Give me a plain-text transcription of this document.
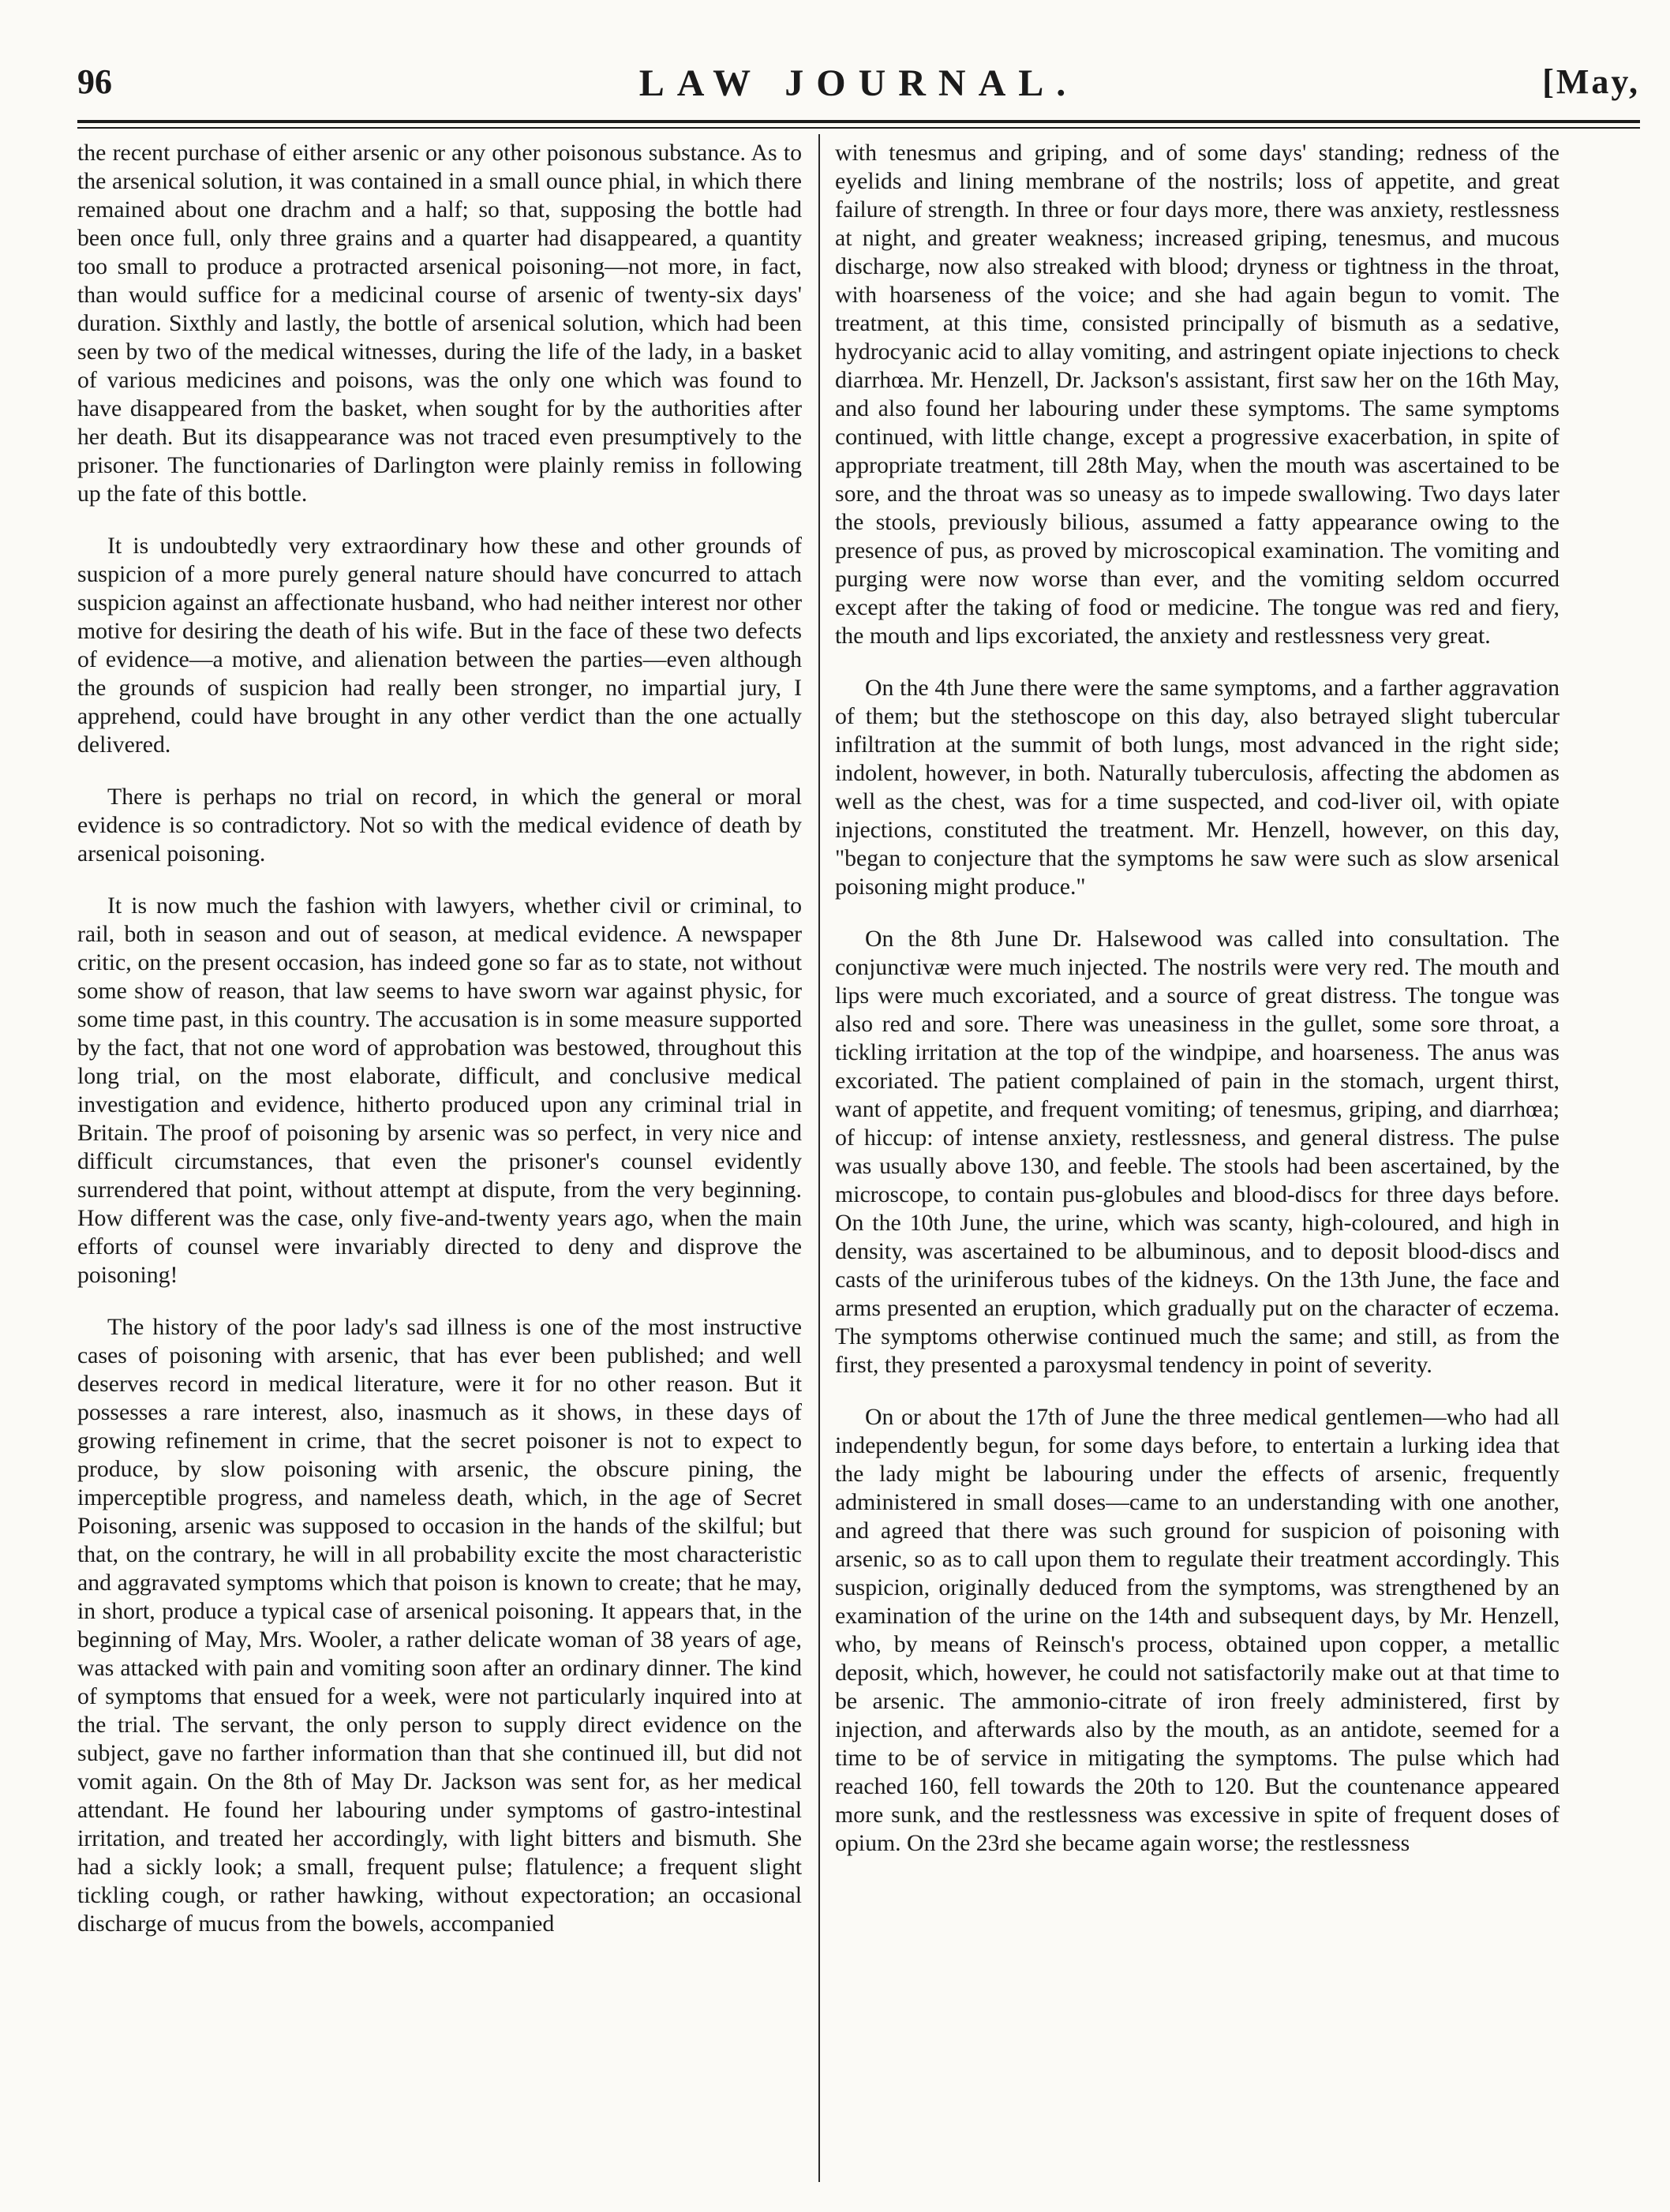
96	LAW JOURNAL.	[May,

the recent purchase of either arsenic or any other poisonous substance. As to the arsenical solution, it was contained in a small ounce phial, in which there remained about one drachm and a half; so that, supposing the bottle had been once full, only three grains and a quarter had disappeared, a quantity too small to produce a protracted arsenical poisoning—not more, in fact, than would suffice for a medicinal course of arsenic of twenty-six days' duration. Sixthly and lastly, the bottle of arsenical solution, which had been seen by two of the medical witnesses, during the life of the lady, in a basket of various medicines and poisons, was the only one which was found to have disappeared from the basket, when sought for by the authorities after her death. But its disappearance was not traced even presumptively to the prisoner. The functionaries of Darlington were plainly remiss in following up the fate of this bottle.

It is undoubtedly very extraordinary how these and other grounds of suspicion of a more purely general nature should have concurred to attach suspicion against an affectionate husband, who had neither interest nor other motive for desiring the death of his wife. But in the face of these two defects of evidence—a motive, and alienation between the parties—even although the grounds of suspicion had really been stronger, no impartial jury, I apprehend, could have brought in any other verdict than the one actually delivered.

There is perhaps no trial on record, in which the general or moral evidence is so contradictory. Not so with the medical evidence of death by arsenical poisoning.

It is now much the fashion with lawyers, whether civil or criminal, to rail, both in season and out of season, at medical evidence. A newspaper critic, on the present occasion, has indeed gone so far as to state, not without some show of reason, that law seems to have sworn war against physic, for some time past, in this country. The accusation is in some measure supported by the fact, that not one word of approbation was bestowed, throughout this long trial, on the most elaborate, difficult, and conclusive medical investigation and evidence, hitherto produced upon any criminal trial in Britain. The proof of poisoning by arsenic was so perfect, in very nice and difficult circumstances, that even the prisoner's counsel evidently surrendered that point, without attempt at dispute, from the very beginning. How different was the case, only five-and-twenty years ago, when the main efforts of counsel were invariably directed to deny and disprove the poisoning!

The history of the poor lady's sad illness is one of the most instructive cases of poisoning with arsenic, that has ever been published; and well deserves record in medical literature, were it for no other reason. But it possesses a rare interest, also, inasmuch as it shows, in these days of growing refinement in crime, that the secret poisoner is not to expect to produce, by slow poisoning with arsenic, the obscure pining, the imperceptible progress, and nameless death, which, in the age of Secret Poisoning, arsenic was supposed to occasion in the hands of the skilful; but that, on the contrary, he will in all probability excite the most characteristic and aggravated symptoms which that poison is known to create; that he may, in short, produce a typical case of arsenical poisoning. It appears that, in the beginning of May, Mrs. Wooler, a rather delicate woman of 38 years of age, was attacked with pain and vomiting soon after an ordinary dinner. The kind of symptoms that ensued for a week, were not particularly inquired into at the trial. The servant, the only person to supply direct evidence on the subject, gave no farther information than that she continued ill, but did not vomit again. On the 8th of May Dr. Jackson was sent for, as her medical attendant. He found her labouring under symptoms of gastro-intestinal irritation, and treated her accordingly, with light bitters and bismuth. She had a sickly look; a small, frequent pulse; flatulence; a frequent slight tickling cough, or rather hawking, without expectoration; an occasional discharge of mucus from the bowels, accompanied

with tenesmus and griping, and of some days' standing; redness of the eyelids and lining membrane of the nostrils; loss of appetite, and great failure of strength. In three or four days more, there was anxiety, restlessness at night, and greater weakness; increased griping, tenesmus, and mucous discharge, now also streaked with blood; dryness or tightness in the throat, with hoarseness of the voice; and she had again begun to vomit. The treatment, at this time, consisted principally of bismuth as a sedative, hydrocyanic acid to allay vomiting, and astringent opiate injections to check diarrhœa. Mr. Henzell, Dr. Jackson's assistant, first saw her on the 16th May, and also found her labouring under these symptoms. The same symptoms continued, with little change, except a progressive exacerbation, in spite of appropriate treatment, till 28th May, when the mouth was ascertained to be sore, and the throat was so uneasy as to impede swallowing. Two days later the stools, previously bilious, assumed a fatty appearance owing to the presence of pus, as proved by microscopical examination. The vomiting and purging were now worse than ever, and the vomiting seldom occurred except after the taking of food or medicine. The tongue was red and fiery, the mouth and lips excoriated, the anxiety and restlessness very great.

On the 4th June there were the same symptoms, and a farther aggravation of them; but the stethoscope on this day, also betrayed slight tubercular infiltration at the summit of both lungs, most advanced in the right side; indolent, however, in both. Naturally tuberculosis, affecting the abdomen as well as the chest, was for a time suspected, and cod-liver oil, with opiate injections, constituted the treatment. Mr. Henzell, however, on this day, "began to conjecture that the symptoms he saw were such as slow arsenical poisoning might produce."

On the 8th June Dr. Halsewood was called into consultation. The conjunctivæ were much injected. The nostrils were very red. The mouth and lips were much excoriated, and a source of great distress. The tongue was also red and sore. There was uneasiness in the gullet, some sore throat, a tickling irritation at the top of the windpipe, and hoarseness. The anus was excoriated. The patient complained of pain in the stomach, urgent thirst, want of appetite, and frequent vomiting; of tenesmus, griping, and diarrhœa; of hiccup: of intense anxiety, restlessness, and general distress. The pulse was usually above 130, and feeble. The stools had been ascertained, by the microscope, to contain pus-globules and blood-discs for three days before. On the 10th June, the urine, which was scanty, high-coloured, and high in density, was ascertained to be albuminous, and to deposit blood-discs and casts of the uriniferous tubes of the kidneys. On the 13th June, the face and arms presented an eruption, which gradually put on the character of eczema. The symptoms otherwise continued much the same; and still, as from the first, they presented a paroxysmal tendency in point of severity.

On or about the 17th of June the three medical gentlemen—who had all independently begun, for some days before, to entertain a lurking idea that the lady might be labouring under the effects of arsenic, frequently administered in small doses—came to an understanding with one another, and agreed that there was such ground for suspicion of poisoning with arsenic, so as to call upon them to regulate their treatment accordingly. This suspicion, originally deduced from the symptoms, was strengthened by an examination of the urine on the 14th and subsequent days, by Mr. Henzell, who, by means of Reinsch's process, obtained upon copper, a metallic deposit, which, however, he could not satisfactorily make out at that time to be arsenic. The ammonio-citrate of iron freely administered, first by injection, and afterwards also by the mouth, as an antidote, seemed for a time to be of service in mitigating the symptoms. The pulse which had reached 160, fell towards the 20th to 120. But the countenance appeared more sunk, and the restlessness was excessive in spite of frequent doses of opium. On the 23rd she became again worse; the restlessness
